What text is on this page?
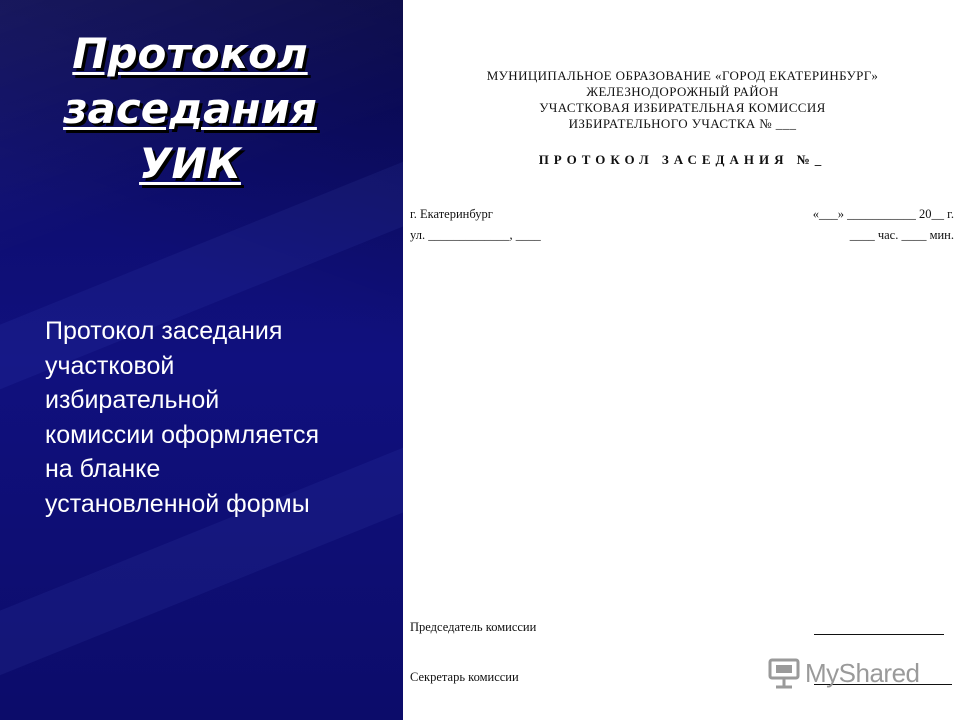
Протокол
заседания
УИК
Протокол заседания
участковой
избирательной
комиссии оформляется
на бланке
установленной формы
МУНИЦИПАЛЬНОЕ ОБРАЗОВАНИЕ «ГОРОД ЕКАТЕРИНБУРГ»
ЖЕЛЕЗНОДОРОЖНЫЙ РАЙОН
УЧАСТКОВАЯ ИЗБИРАТЕЛЬНАЯ КОМИССИЯ
ИЗБИРАТЕЛЬНОГО УЧАСТКА № ___
ПРОТОКОЛ ЗАСЕДАНИЯ №_
г. Екатеринбург	«___» ___________ 20__ г.
ул. _____________, ____	____ час. ____ мин.
Председатель комиссии
Секретарь комиссии	MyShared
